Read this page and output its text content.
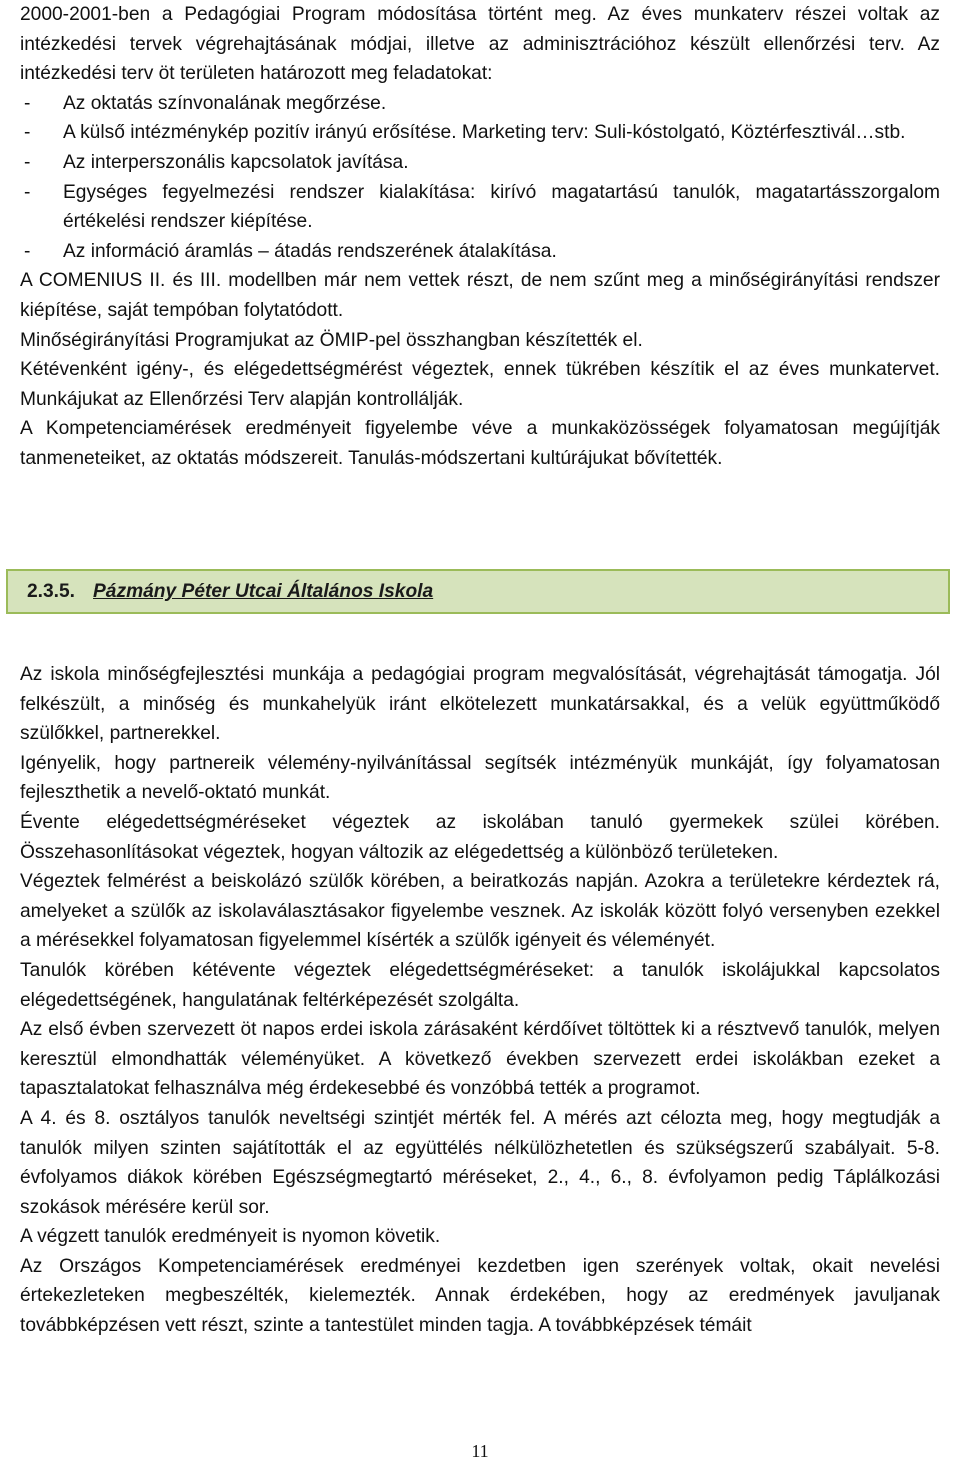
2000-2001-ben a Pedagógiai Program módosítása történt meg. Az éves munkaterv részei voltak az intézkedési tervek végrehajtásának módjai, illetve az adminisztrációhoz készült ellenőrzési terv. Az intézkedési terv öt területen határozott meg feladatokat:

- Az oktatás színvonalának megőrzése.
- A külső intézménykép pozitív irányú erősítése. Marketing terv: Suli-kóstolgató, Köztérfesztivál…stb.
- Az interperszonális kapcsolatok javítása.
- Egységes fegyelmezési rendszer kialakítása: kirívó magatartású tanulók, magatartásszorgalom értékelési rendszer kiépítése.
- Az információ áramlás – átadás rendszerének átalakítása.

A COMENIUS II. és III. modellben már nem vettek részt, de nem szűnt meg a minőségirányítási rendszer kiépítése, saját tempóban folytatódott.

Minőségirányítási Programjukat az ÖMIP-pel összhangban készítették el.

Kétévenként igény-, és elégedettségmérést végeztek, ennek tükrében készítik el az éves munkatervet. Munkájukat az Ellenőrzési Terv alapján kontrollálják.

A Kompetenciamérések eredményeit figyelembe véve a munkaközösségek folyamatosan megújítják tanmeneteiket, az oktatás módszereit. Tanulás-módszertani kultúrájukat bővítették.

2.3.5. Pázmány Péter Utcai Általános Iskola

Az iskola minőségfejlesztési munkája a pedagógiai program megvalósítását, végrehajtását támogatja. Jól felkészült, a minőség és munkahelyük iránt elkötelezett munkatársakkal, és a velük együttműködő szülőkkel, partnerekkel.

Igényelik, hogy partnereik vélemény-nyilvánítással segítsék intézményük munkáját, így folyamatosan fejleszthetik a nevelő-oktató munkát.

Évente elégedettségméréseket végeztek az iskolában tanuló gyermekek szülei körében. Összehasonlításokat végeztek, hogyan változik az elégedettség a különböző területeken.

Végeztek felmérést a beiskolázó szülők körében, a beiratkozás napján. Azokra a területekre kérdeztek rá, amelyeket a szülők az iskolaválasztásakor figyelembe vesznek. Az iskolák között folyó versenyben ezekkel a mérésekkel folyamatosan figyelemmel kísérték a szülők igényeit és véleményét.

Tanulók körében kétévente végeztek elégedettségméréseket: a tanulók iskolájukkal kapcsolatos elégedettségének, hangulatának feltérképezését szolgálta.

Az első évben szervezett öt napos erdei iskola zárásaként kérdőívet töltöttek ki a résztvevő tanulók, melyen keresztül elmondhatták véleményüket. A következő években szervezett erdei iskolákban ezeket a tapasztalatokat felhasználva még érdekesebbé és vonzóbbá tették a programot.

A 4. és 8. osztályos tanulók neveltségi szintjét mérték fel. A mérés azt célozta meg, hogy megtudják a tanulók milyen szinten sajátították el az együttélés nélkülözhetetlen és szükségszerű szabályait. 5-8. évfolyamos diákok körében Egészségmegtartó méréseket, 2., 4., 6., 8. évfolyamon pedig Táplálkozási szokások mérésére kerül sor.

A végzett tanulók eredményeit is nyomon követik.

Az Országos Kompetenciamérések eredményei kezdetben igen szerények voltak, okait nevelési értekezleteken megbeszélték, kielemezték. Annak érdekében, hogy az eredmények javuljanak továbbképzésen vett részt, szinte a tantestület minden tagja. A továbbképzések témáit

11
